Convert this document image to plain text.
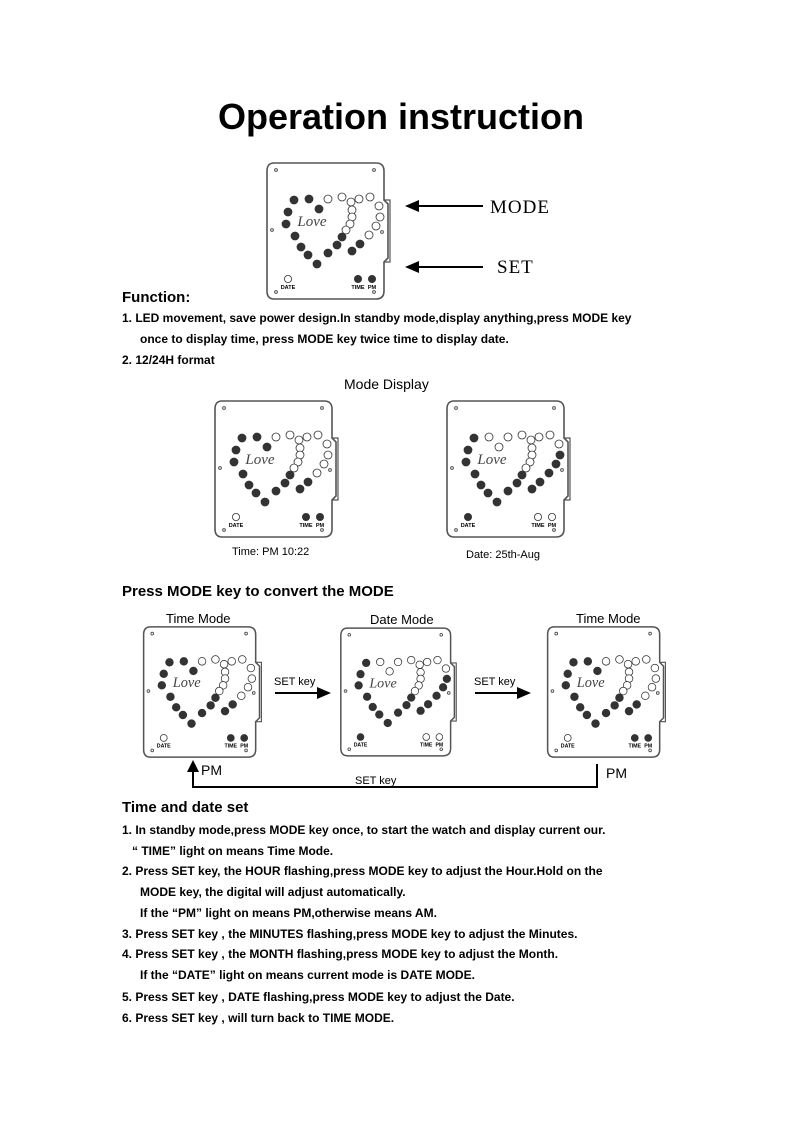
Operation instruction
Love
DATE	TIME PM
MODE
SET
Function:
1. LED movement, save power design.In standby mode,display anything,press MODE key
once to display time, press MODE key twice time to display date.
2. 12/24H format
Mode Display
Love
DATE	TIME PM
Love
DATE	TIME PM
Time: PM 10:22	Date: 25th-Aug
Press MODE key to convert the MODE
Time Mode	Date Mode	Time Mode
Love
DATE	TIME PM
Love
DATE	TIME PM
Love
DATE	TIME PM
SET key	SET key
PM	PM
SET key
Time and date set
1. In standby mode,press MODE key once, to start the watch and display current our.
“ TIME” light on means Time Mode.
2. Press SET key, the HOUR flashing,press MODE key to adjust the Hour.Hold on the
MODE key, the digital will adjust automatically.
If the “PM” light on means PM,otherwise means AM.
3. Press SET key , the MINUTES flashing,press MODE key to adjust the Minutes.
4. Press SET key , the MONTH flashing,press MODE key to adjust the Month.
If the “DATE” light on means current mode is DATE MODE.
5. Press SET key , DATE flashing,press MODE key to adjust the Date.
6. Press SET key , will turn back to TIME MODE.
